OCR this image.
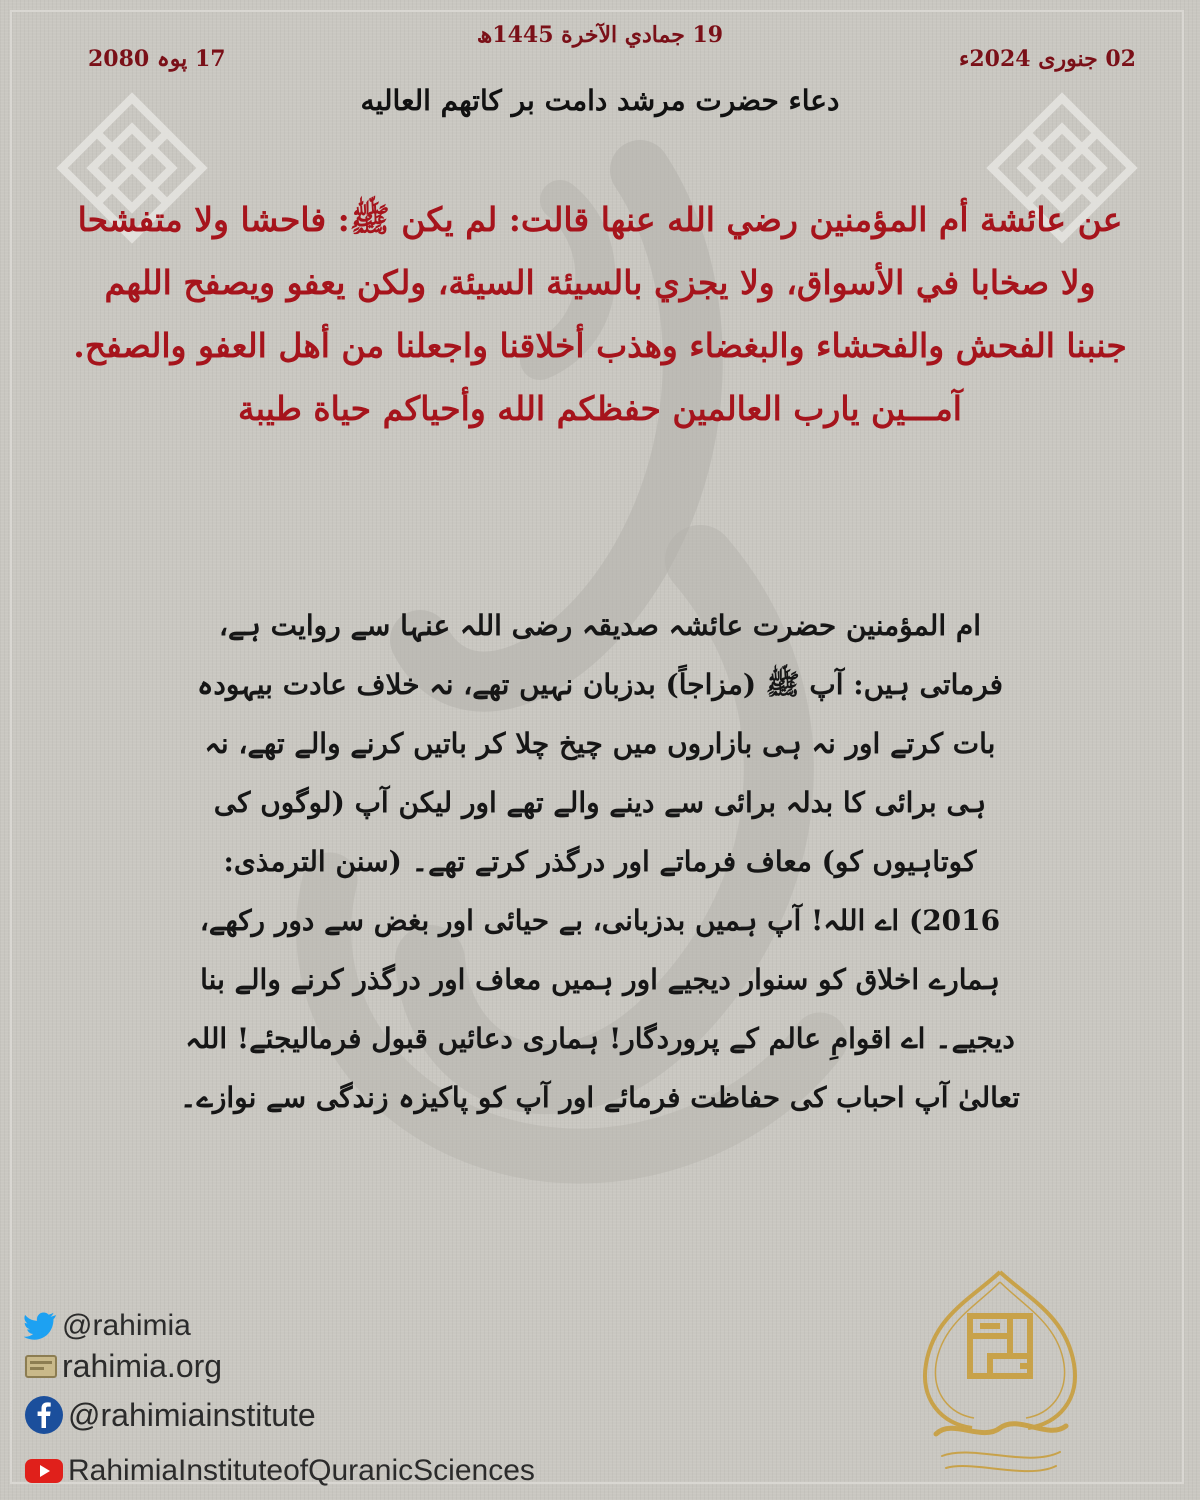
19 جمادي الآخرة 1445ھ
02 جنوری 2024ء
17 پوہ 2080
دعاء حضرت مرشد دامت بر کاتهم العاليه
عن عائشة أم المؤمنين رضي الله عنها قالت: لم يكن ﷺ: فاحشا ولا متفشحا ولا صخابا في الأسواق، ولا يجزي بالسيئة السيئة، ولكن يعفو ويصفح اللهم جنبنا الفحش والفحشاء والبغضاء وهذب أخلاقنا واجعلنا من أهل العفو والصفح. آمـــين يارب العالمين حفظكم الله وأحياكم حياة طيبة
ام المؤمنین حضرت عائشہ صدیقہ رضی اللہ عنہا سے روایت ہے، فرماتی ہیں: آپ ﷺ (مزاجاً) بدزبان نہیں تھے، نہ خلاف عادت بیہودہ بات کرتے اور نہ ہی بازاروں میں چیخ چلا کر باتیں کرنے والے تھے، نہ ہی برائی کا بدلہ برائی سے دینے والے تھے اور لیکن آپ (لوگوں کی کوتاہیوں کو) معاف فرماتے اور درگذر کرتے تھے۔ (سنن الترمذی: 2016) اے اللہ! آپ ہمیں بدزبانی، بے حیائی اور بغض سے دور رکھے، ہمارے اخلاق کو سنوار دیجیے اور ہمیں معاف اور درگذر کرنے والے بنا دیجیے۔ اے اقوامِ عالم کے پروردگار! ہماری دعائیں قبول فرمالیجئے! اللہ تعالیٰ آپ احباب کی حفاظت فرمائے اور آپ کو پاکیزہ زندگی سے نوازے۔
@rahimia
rahimia.org
@rahimiainstitute
RahimiaInstituteofQuranicSciences
